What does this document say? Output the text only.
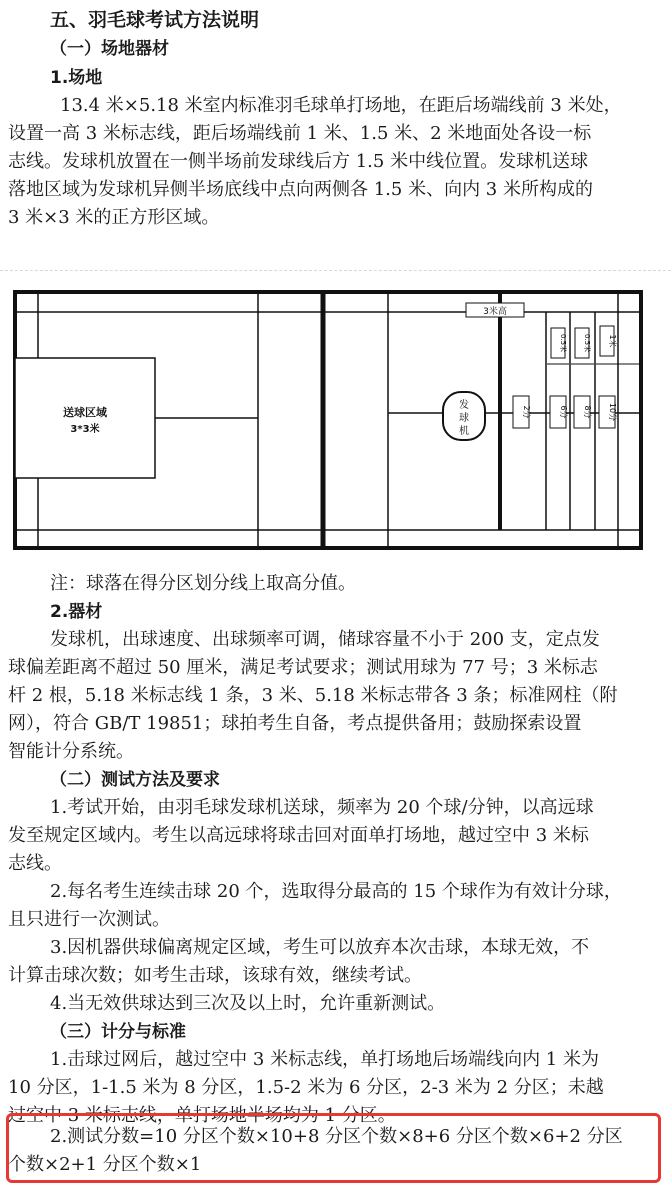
五、羽毛球考试方法说明
（一）场地器材
1.场地
13.4 米×5.18 米室内标准羽毛球单打场地，在距后场端线前 3 米处，
设置一高 3 米标志线，距后场端线前 1 米、1.5 米、2 米地面处各设一标
志线。发球机放置在一侧半场前发球线后方 1.5 米中线位置。发球机送球
落地区域为发球机异侧半场底线中点向两侧各 1.5 米、向内 3 米所构成的
3 米×3 米的正方形区域。
送球区域
3*3米
3米高
发
球
机
2分	6分 8分 10分
0.5米 0.5米 1米
注：球落在得分区划分线上取高分值。
2.器材
发球机，出球速度、出球频率可调，储球容量不小于 200 支，定点发
球偏差距离不超过 50 厘米，满足考试要求；测试用球为 77 号；3 米标志
杆 2 根，5.18 米标志线 1 条，3 米、5.18 米标志带各 3 条；标准网柱（附
网），符合 GB/T 19851；球拍考生自备，考点提供备用；鼓励探索设置
智能计分系统。
（二）测试方法及要求
1.考试开始，由羽毛球发球机送球，频率为 20 个球/分钟，以高远球
发至规定区域内。考生以高远球将球击回对面单打场地，越过空中 3 米标
志线。
2.每名考生连续击球 20 个，选取得分最高的 15 个球作为有效计分球，
且只进行一次测试。
3.因机器供球偏离规定区域，考生可以放弃本次击球，本球无效，不
计算击球次数；如考生击球，该球有效，继续考试。
4.当无效供球达到三次及以上时，允许重新测试。
（三）计分与标准
1.击球过网后，越过空中 3 米标志线，单打场地后场端线向内 1 米为
10 分区，1-1.5 米为 8 分区，1.5-2 米为 6 分区，2-3 米为 2 分区；未越
过空中 3 米标志线，单打场地半场均为 1 分区。
2.测试分数=10 分区个数×10+8 分区个数×8+6 分区个数×6+2 分区
个数×2+1 分区个数×1
